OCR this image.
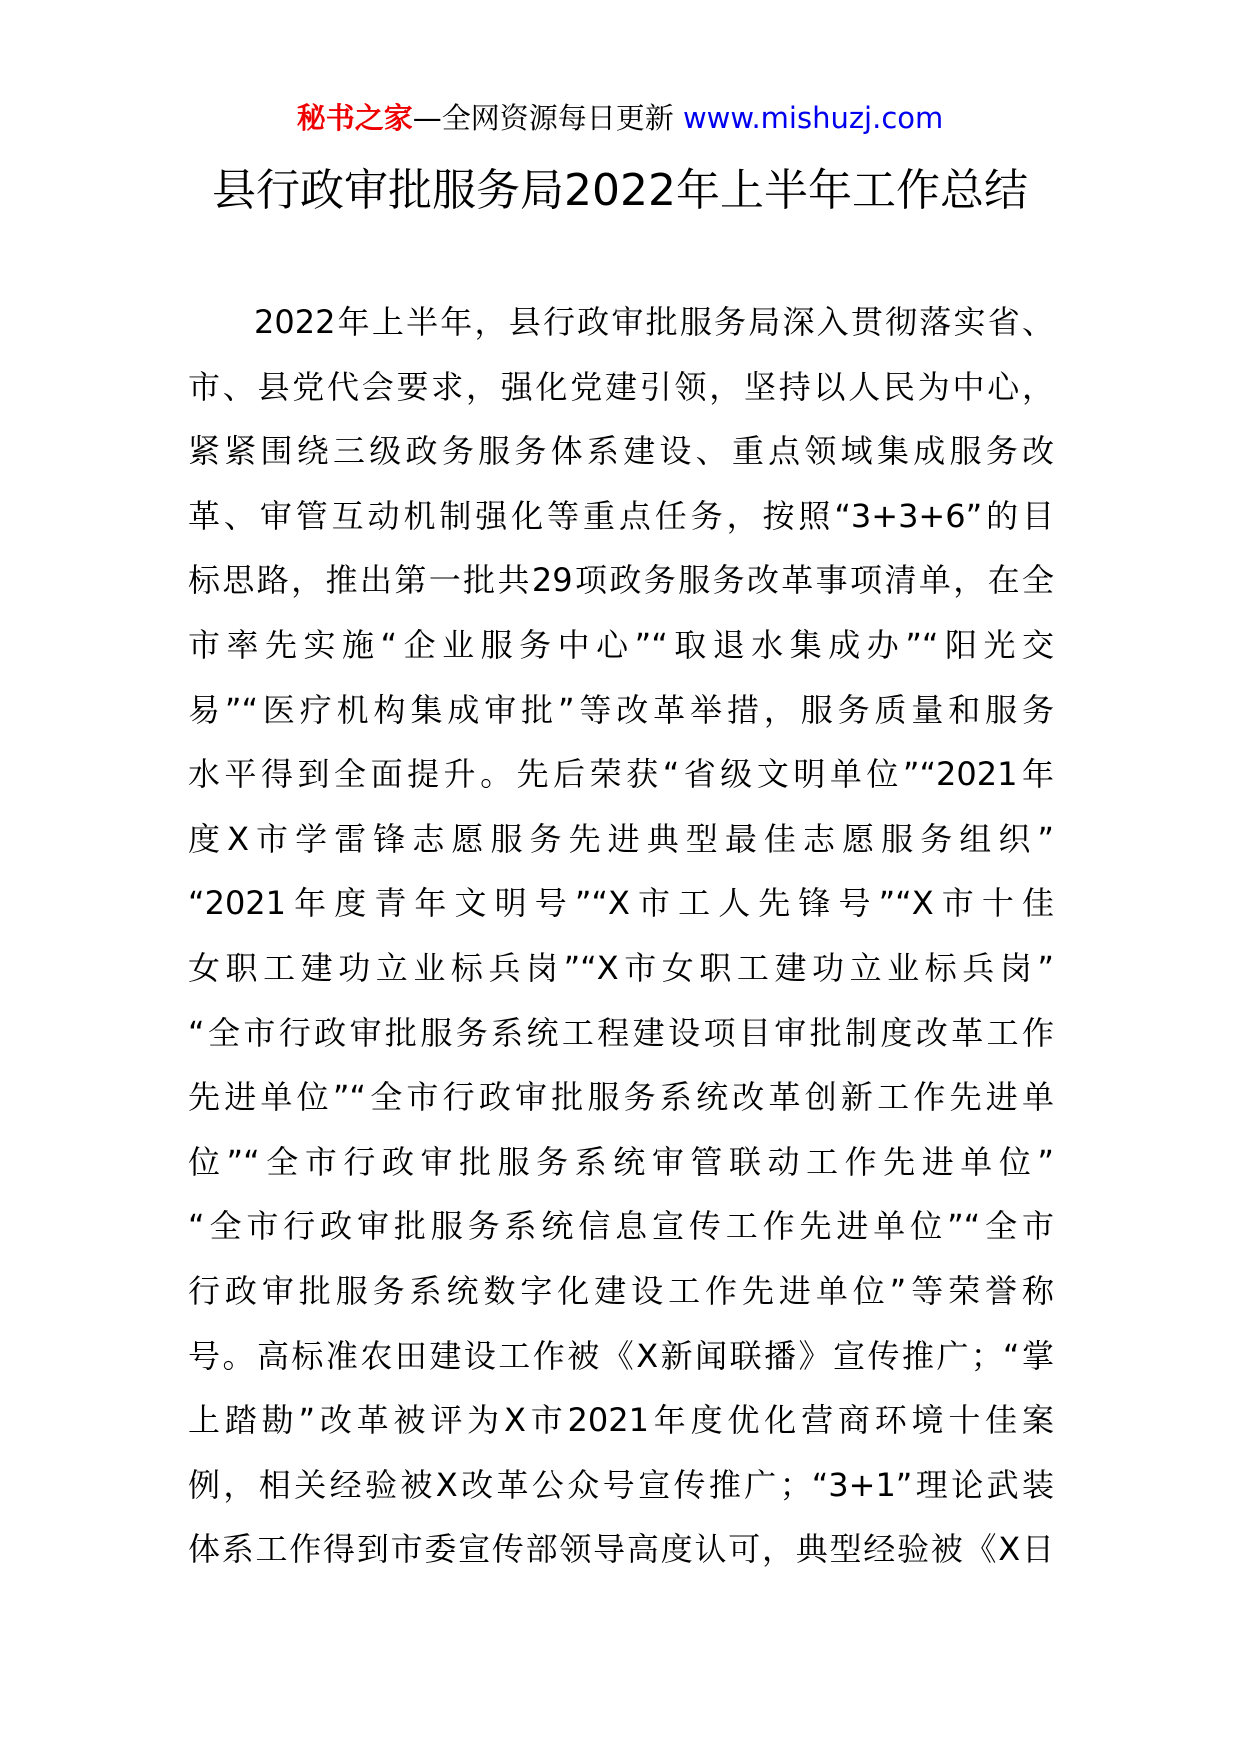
秘书之家—全网资源每日更新 www.mishuzj.com
县行政审批服务局2022年上半年工作总结
2022年上半年，县行政审批服务局深入贯彻落实省、
市、县党代会要求，强化党建引领，坚持以人民为中心，
紧紧围绕三级政务服务体系建设、重点领域集成服务改
革、审管互动机制强化等重点任务，按照“3+3+6”的目
标思路，推出第一批共29项政务服务改革事项清单，在全
市率先实施“企业服务中心”“取退水集成办”“阳光交
易”“医疗机构集成审批”等改革举措，服务质量和服务
水平得到全面提升。先后荣获“省级文明单位”“2021年
度X市学雷锋志愿服务先进典型最佳志愿服务组织”
“2021年度青年文明号”“X市工人先锋号”“X市十佳
女职工建功立业标兵岗”“X市女职工建功立业标兵岗”
“全市行政审批服务系统工程建设项目审批制度改革工作
先进单位”“全市行政审批服务系统改革创新工作先进单
位”“全市行政审批服务系统审管联动工作先进单位”
“全市行政审批服务系统信息宣传工作先进单位”“全市
行政审批服务系统数字化建设工作先进单位”等荣誉称
号。高标准农田建设工作被《X新闻联播》宣传推广；“掌
上踏勘”改革被评为X市2021年度优化营商环境十佳案
例，相关经验被X改革公众号宣传推广；“3+1”理论武装
体系工作得到市委宣传部领导高度认可，典型经验被《X日
